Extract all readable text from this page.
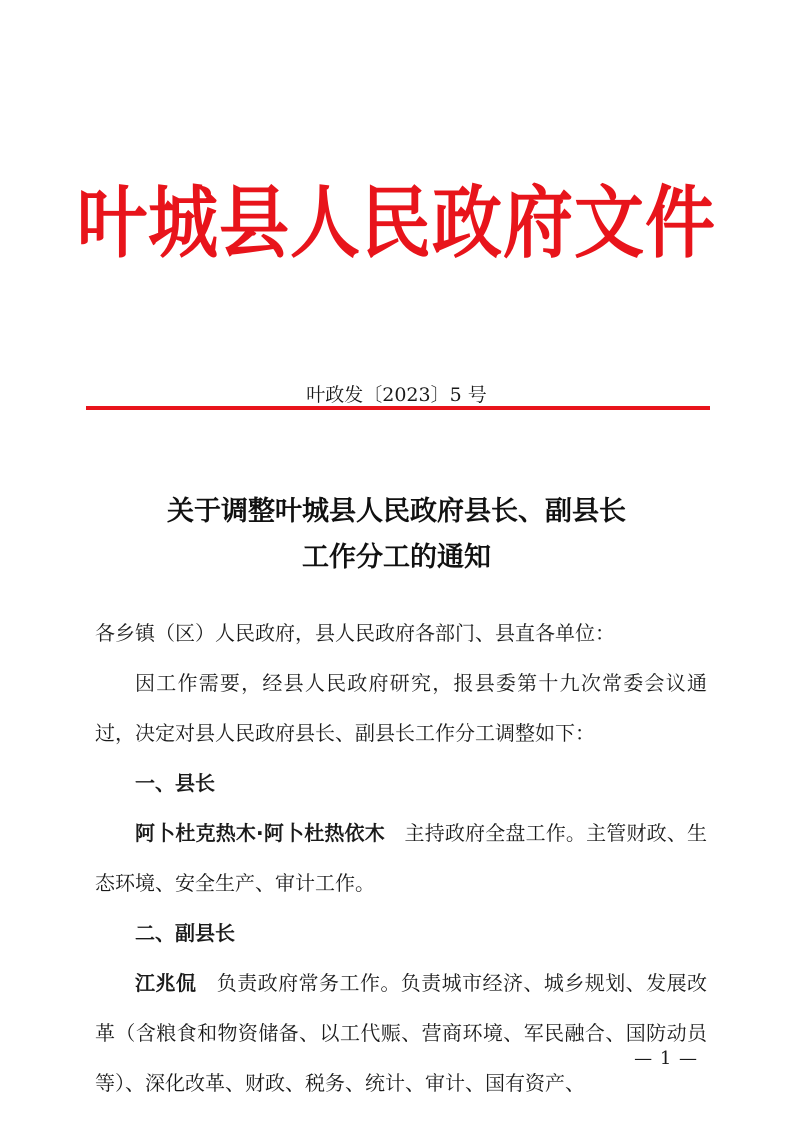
叶城县人民政府文件
叶政发〔2023〕5 号
关于调整叶城县人民政府县长、副县长
工作分工的通知

各乡镇（区）人民政府，县人民政府各部门、县直各单位：

因工作需要，经县人民政府研究，报县委第十九次常委会议通过，决定对县人民政府县长、副县长工作分工调整如下：

一、县长

阿卜杜克热木·阿卜杜热依木 主持政府全盘工作。主管财政、生态环境、安全生产、审计工作。

二、副县长

江兆侃 负责政府常务工作。负责城市经济、城乡规划、发展改革（含粮食和物资储备、以工代赈、营商环境、军民融合、国防动员等）、深化改革、财政、税务、统计、审计、国有资产、

— 1 —
